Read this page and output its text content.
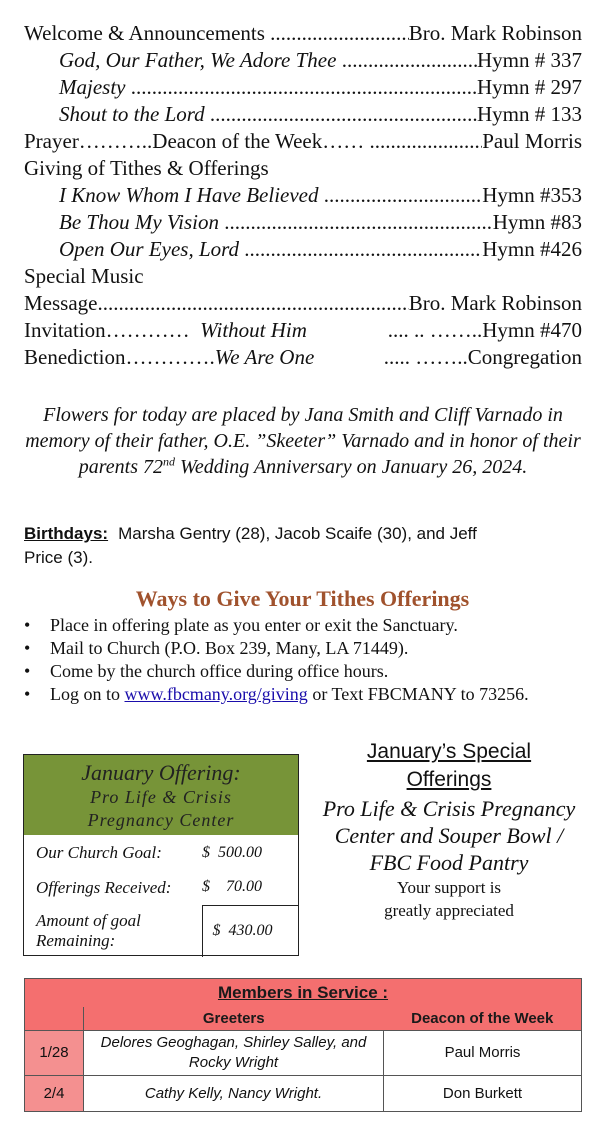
Welcome & Announcements .....	Bro. Mark Robinson
God, Our Father, We Adore Thee .....	Hymn # 337
Majesty .....	Hymn # 297
Shout to the Lord .....	Hymn # 133
Prayer………..Deacon of the Week…… .....	Paul Morris
Giving of Tithes & Offerings
I Know Whom I Have Believed .....	Hymn #353
Be Thou My Vision .....	Hymn #83
Open Our Eyes, Lord .....	Hymn #426
Special Music
Message .....	Bro. Mark Robinson
Invitation………… Without Him	.... .. ……..Hymn #470
Benediction…………. We Are One	..... ……..Congregation
Flowers for today are placed by Jana Smith and Cliff Varnado in memory of their father, O.E. ”Skeeter” Varnado and in honor of their parents 72nd Wedding Anniversary on January 26, 2024.
Birthdays: Marsha Gentry (28), Jacob Scaife (30), and Jeff Price (3).
Ways to Give Your Tithes Offerings
• Place in offering plate as you enter or exit the Sanctuary.
• Mail to Church (P.O. Box 239, Many, LA 71449).
• Come by the church office during office hours.
• Log on to www.fbcmany.org/giving or Text FBCMANY to 73256.
January Offering:
Pro Life & Crisis
Pregnancy Center
Our Church Goal:	$  500.00
Offerings Received:	$    70.00
Amount of goal Remaining:	$  430.00
January’s Special
Offerings
Pro Life & Crisis Pregnancy Center and Souper Bowl / FBC Food Pantry
Your support is
greatly appreciated
Members in Service :		
	Greeters	Deacon of the Week
1/28	Delores Geoghagan, Shirley Salley, and Rocky Wright	Paul Morris
2/4	Cathy Kelly, Nancy Wright.	Don Burkett
